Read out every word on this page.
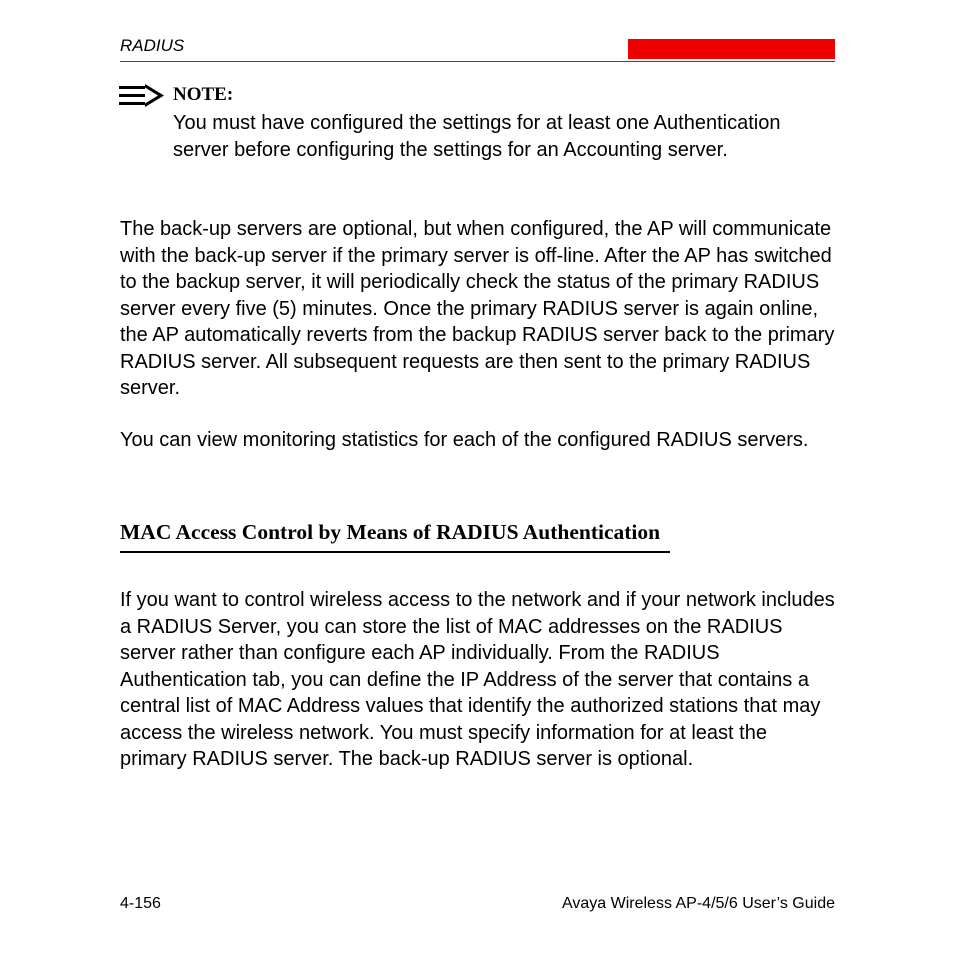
RADIUS
NOTE:
You must have configured the settings for at least one Authentication server before configuring the settings for an Accounting server.
The back-up servers are optional, but when configured, the AP will communicate with the back-up server if the primary server is off-line. After the AP has switched to the backup server, it will periodically check the status of the primary RADIUS server every five (5) minutes. Once the primary RADIUS server is again online, the AP automatically reverts from the backup RADIUS server back to the primary RADIUS server. All subsequent requests are then sent to the primary RADIUS server.
You can view monitoring statistics for each of the configured RADIUS servers.
MAC Access Control by Means of RADIUS Authentication
If you want to control wireless access to the network and if your network includes a RADIUS Server, you can store the list of MAC addresses on the RADIUS server rather than configure each AP individually. From the RADIUS Authentication tab, you can define the IP Address of the server that contains a central list of MAC Address values that identify the authorized stations that may access the wireless network. You must specify information for at least the primary RADIUS server. The back-up RADIUS server is optional.
4-156	Avaya Wireless AP-4/5/6 User’s Guide
